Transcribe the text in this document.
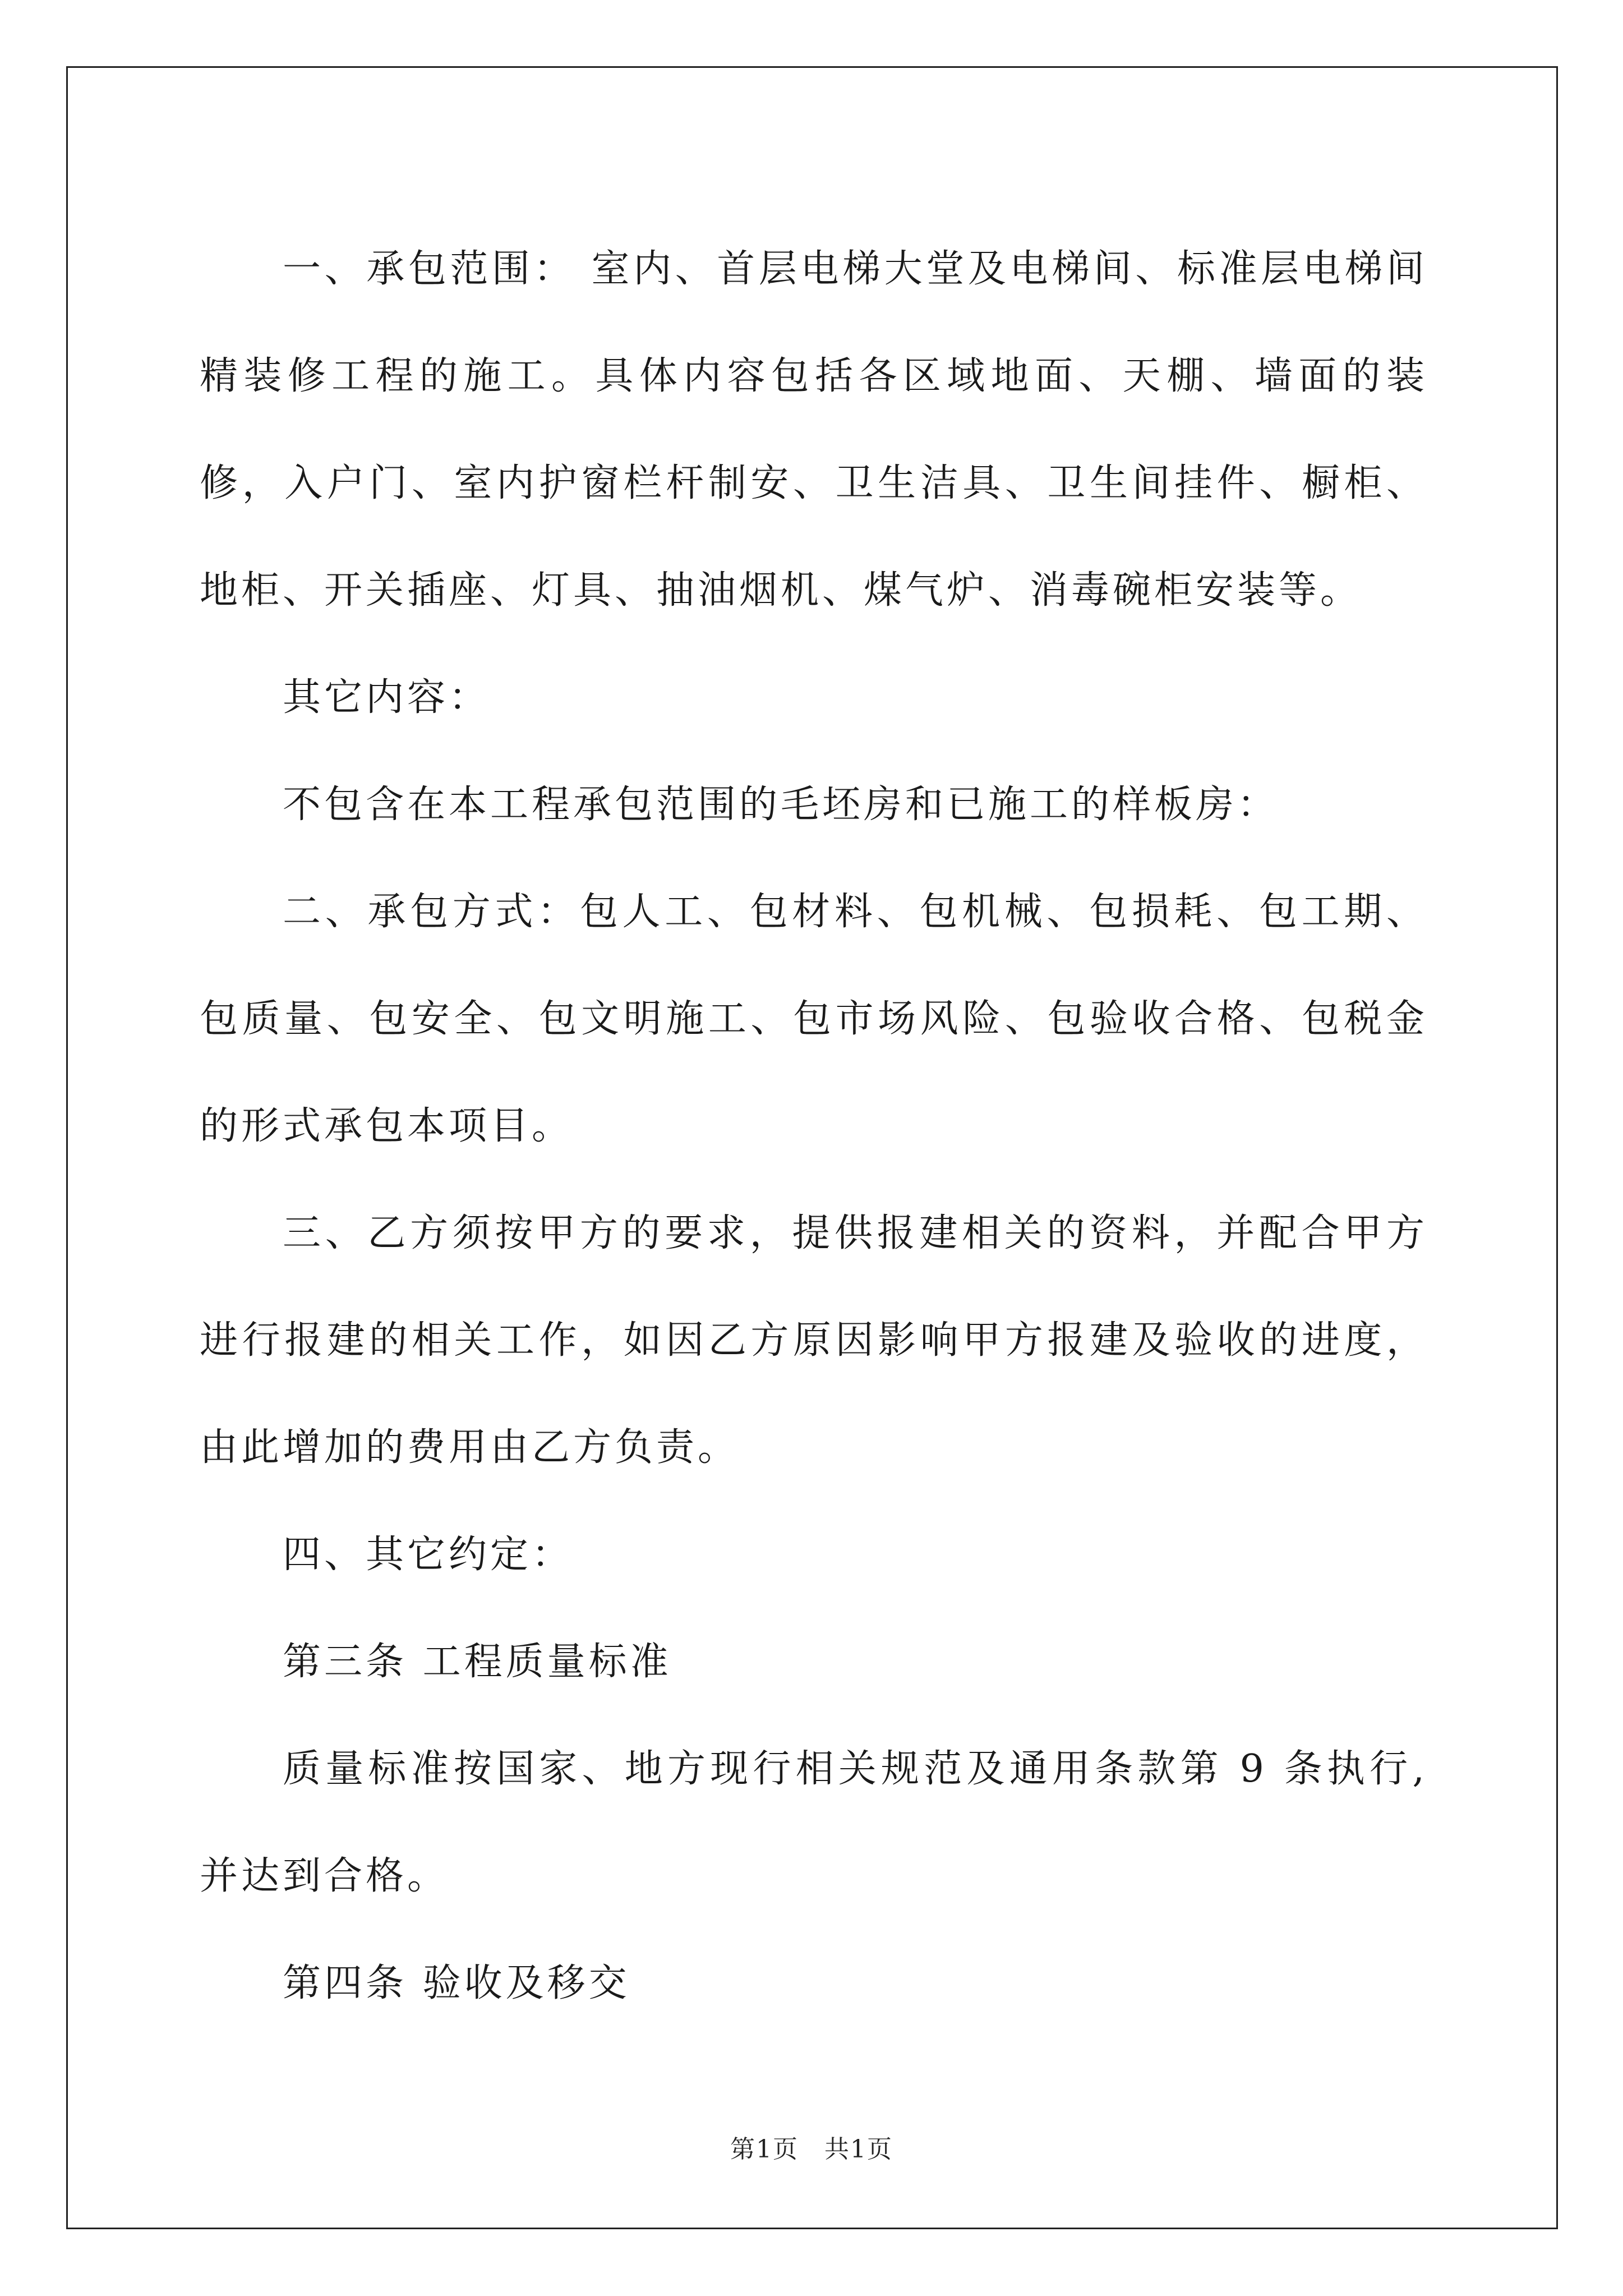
一、承包范围： 室内、首层电梯大堂及电梯间、标准层电梯间精装修工程的施工。具体内容包括各区域地面、天棚、墙面的装修，入户门、室内护窗栏杆制安、卫生洁具、卫生间挂件、橱柜、地柜、开关插座、灯具、抽油烟机、煤气炉、消毒碗柜安装等。

其它内容：

不包含在本工程承包范围的毛坯房和已施工的样板房：

二、承包方式：包人工、包材料、包机械、包损耗、包工期、包质量、包安全、包文明施工、包市场风险、包验收合格、包税金的形式承包本项目。

三、乙方须按甲方的要求，提供报建相关的资料，并配合甲方进行报建的相关工作，如因乙方原因影响甲方报建及验收的进度，由此增加的费用由乙方负责。

四、其它约定：

第三条 工程质量标准

质量标准按国家、地方现行相关规范及通用条款第 9 条执行,并达到合格。

第四条 验收及移交

第1页　共1页
